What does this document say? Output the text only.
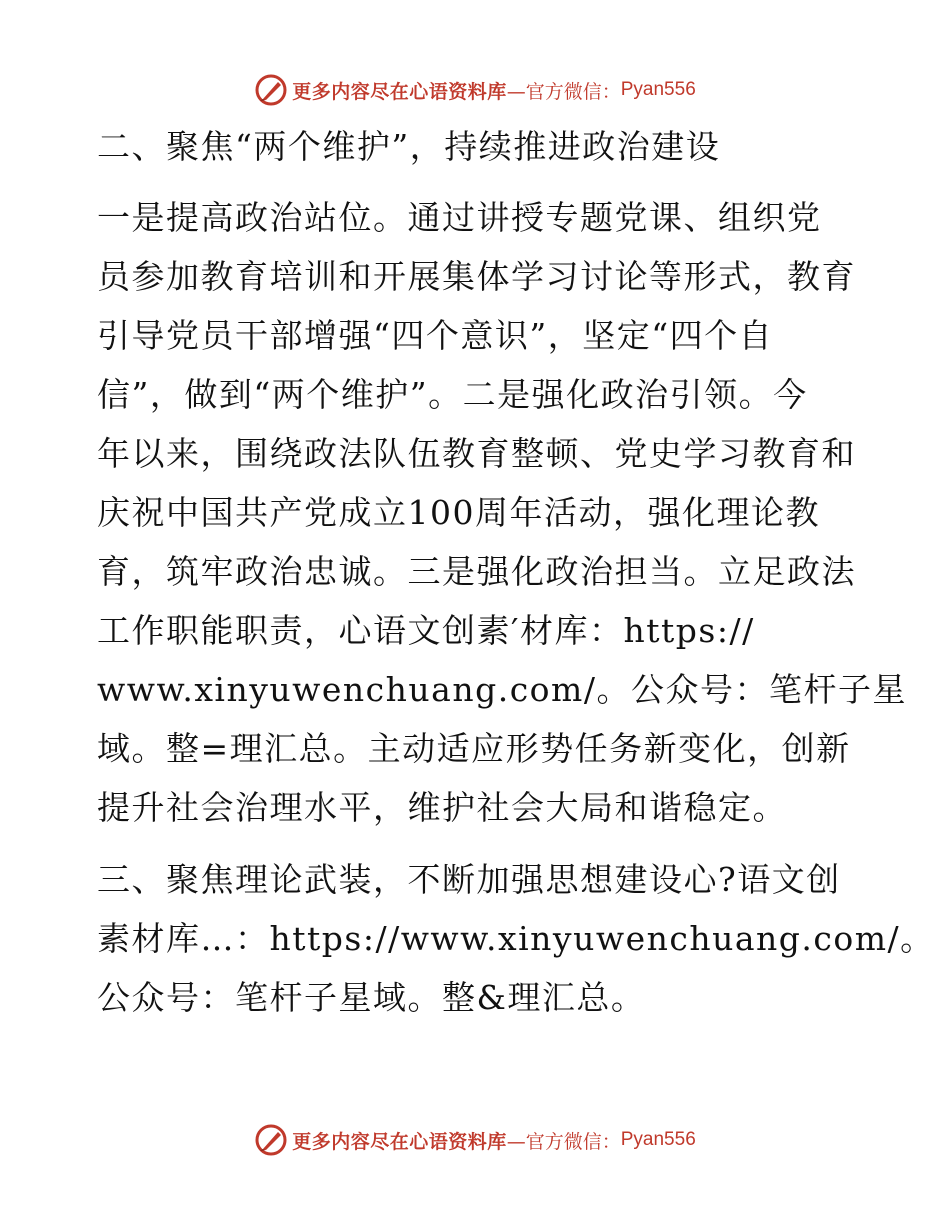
更多内容尽在心语资料库 —官方微信： Pyan556
二、聚焦“两个维护”，持续推进政治建设
一是提高政治站位。通过讲授专题党课、组织党
员参加教育培训和开展集体学习讨论等形式，教育
引导党员干部增强“四个意识”，坚定“四个自
信”，做到“两个维护”。二是强化政治引领。今
年以来，围绕政法队伍教育整顿、党史学习教育和
庆祝中国共产党成立100周年活动，强化理论教
育，筑牢政治忠诚。三是强化政治担当。立足政法
工作职能职责，心语文创素′材库：https://
www.xinyuwenchuang.com/。公众号：笔杆子星
域。整=理汇总。主动适应形势任务新变化，创新
提升社会治理水平，维护社会大局和谐稳定。
三、聚焦理论武装，不断加强思想建设心?语文创
素材库…：https://www.xinyuwenchuang.com/。
公众号：笔杆子星域。整&理汇总。
更多内容尽在心语资料库 —官方微信： Pyan556
